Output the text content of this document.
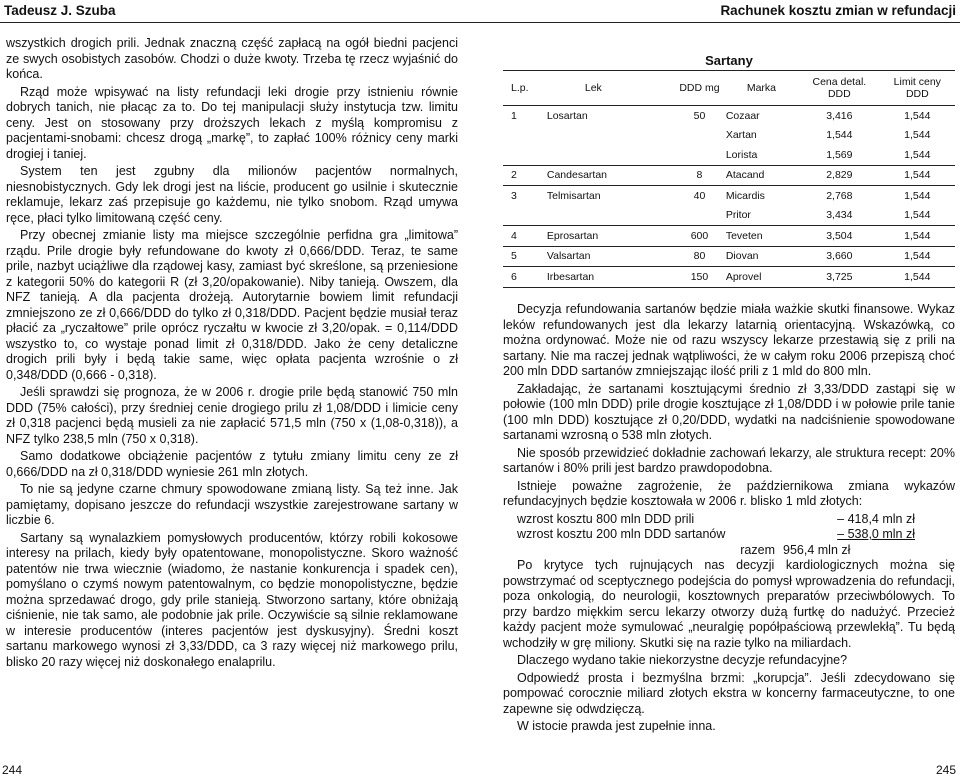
Tadeusz J. Szuba	Rachunek kosztu zmian w refundacji

wszystkich drogich prili. Jednak znaczną część zapłacą na ogół biedni pacjenci ze swych osobistych zasobów. Chodzi o duże kwoty. Trzeba tę rzecz wyjaśnić do końca.

Rząd może wpisywać na listy refundacji leki drogie przy istnieniu równie dobrych tanich, nie płacąc za to. Do tej manipulacji służy instytucja tzw. limitu ceny. Jest on stosowany przy droższych lekach z myślą kompromisu z pacjentami-snobami: chcesz drogą „markę”, to zapłać 100% różnicy ceny marki drogiej i taniej.

System ten jest zgubny dla milionów pacjentów normalnych, niesnobistycznych. Gdy lek drogi jest na liście, producent go usilnie i skutecznie reklamuje, lekarz zaś przepisuje go każdemu, nie tylko snobom. Rząd umywa ręce, płaci tylko limitowaną część ceny.

Przy obecnej zmianie listy ma miejsce szczególnie perfidna gra „limitowa” rządu. Prile drogie były refundowane do kwoty zł 0,666/DDD. Teraz, te same prile, nazbyt uciążliwe dla rządowej kasy, zamiast być skreślone, są przeniesione z kategorii 50% do kategorii R (zł 3,20/opakowanie). Niby tanieją. Owszem, dla NFZ tanieją. A dla pacjenta drożeją. Autorytarnie bowiem limit refundacji zmniejszono ze zł 0,666/DDD do tylko zł 0,318/DDD. Pacjent będzie musiał teraz płacić za „ryczałtowe” prile oprócz ryczałtu w kwocie zł 3,20/opak. = 0,114/DDD wszystko to, co wystaje ponad limit zł 0,318/DDD. Jako że ceny detaliczne drogich prili były i będą takie same, więc opłata pacjenta wzrośnie o zł 0,348/DDD (0,666 - 0,318).

Jeśli sprawdzi się prognoza, że w 2006 r. drogie prile będą stanowić 750 mln DDD (75% całości), przy średniej cenie drogiego prilu zł 1,08/DDD i limicie ceny zł 0,318 pacjenci będą musieli za nie zapłacić 571,5 mln (750 x (1,08-0,318)), a NFZ tylko 238,5 mln (750 x 0,318).

Samo dodatkowe obciążenie pacjentów z tytułu zmiany limitu ceny ze zł 0,666/DDD na zł 0,318/DDD wyniesie 261 mln złotych.

To nie są jedyne czarne chmury spowodowane zmianą listy. Są też inne. Jak pamiętamy, dopisano jeszcze do refundacji wszystkie zarejestrowane sartany w liczbie 6.

Sartany są wynalazkiem pomysłowych producentów, którzy robili kokosowe interesy na prilach, kiedy były opatentowane, monopolistyczne. Skoro ważność patentów nie trwa wiecznie (wiadomo, że nastanie konkurencja i spadek cen), pomyślano o czymś nowym patentowalnym, co będzie monopolistyczne, będzie można sprzedawać drogo, gdy prile stanieją. Stworzono sartany, które obniżają ciśnienie, nie tak samo, ale podobnie jak prile. Oczywiście są silnie reklamowane w interesie producentów (interes pacjentów jest dyskusyjny). Średni koszt sartanu markowego wynosi zł 3,33/DDD, ca 3 razy więcej niż markowego prilu, blisko 20 razy więcej niż doskonałego enalaprilu.

Sartany
L.p.	Lek	DDD mg	Marka	Cena detal. DDD	Limit ceny DDD
1	Losartan	50	Cozaar	3,416	1,544
			Xartan	1,544	1,544
			Lorista	1,569	1,544
2	Candesartan	8	Atacand	2,829	1,544
3	Telmisartan	40	Micardis	2,768	1,544
			Pritor	3,434	1,544
4	Eprosartan	600	Teveten	3,504	1,544
5	Valsartan	80	Diovan	3,660	1,544
6	Irbesartan	150	Aprovel	3,725	1,544

Decyzja refundowania sartanów będzie miała ważkie skutki finansowe. Wykaz leków refundowanych jest dla lekarzy latarnią orientacyjną. Wskazówką, co można ordynować. Może nie od razu wszyscy lekarze przestawią się z prili na sartany. Nie ma raczej jednak wątpliwości, że w całym roku 2006 przepiszą choć 200 mln DDD sartanów zmniejszając ilość prili z 1 mld do 800 mln.

Zakładając, że sartanami kosztującymi średnio zł 3,33/DDD zastąpi się w połowie (100 mln DDD) prile drogie kosztujące zł 1,08/DDD i w połowie prile tanie (100 mln DDD) kosztujące zł 0,20/DDD, wydatki na nadciśnienie spowodowane sartanami wzrosną o 538 mln złotych.

Nie sposób przewidzieć dokładnie zachowań lekarzy, ale struktura recept: 20% sartanów i 80% prili jest bardzo prawdopodobna.

Istnieje poważne zagrożenie, że październikowa zmiana wykazów refundacyjnych będzie kosztowała w 2006 r. blisko 1 mld złotych:

wzrost kosztu 800 mln DDD prili	– 418,4 mln zł
wzrost kosztu 200 mln DDD sartanów	– 538,0 mln zł
razem 956,4 mln zł

Po krytyce tych rujnujących nas decyzji kardiologicznych można się powstrzymać od sceptycznego podejścia do pomysł wprowadzenia do refundacji, poza onkologią, do neurologii, kosztownych preparatów przeciwbólowych. To przy bardzo miękkim sercu lekarzy otworzy dużą furtkę do nadużyć. Przecież każdy pacjent może symulować „neuralgię popółpaściową przewlekłą”. Tu będą wchodziły w grę miliony. Skutki się na razie tylko na miliardach.

Dlaczego wydano takie niekorzystne decyzje refundacyjne?

Odpowiedź prosta i bezmyślna brzmi: „korupcja”. Jeśli zdecydowano się pompować corocznie miliard złotych ekstra w koncerny farmaceutyczne, to one zapewne się odwdzięczą.

W istocie prawda jest zupełnie inna.

244	245
